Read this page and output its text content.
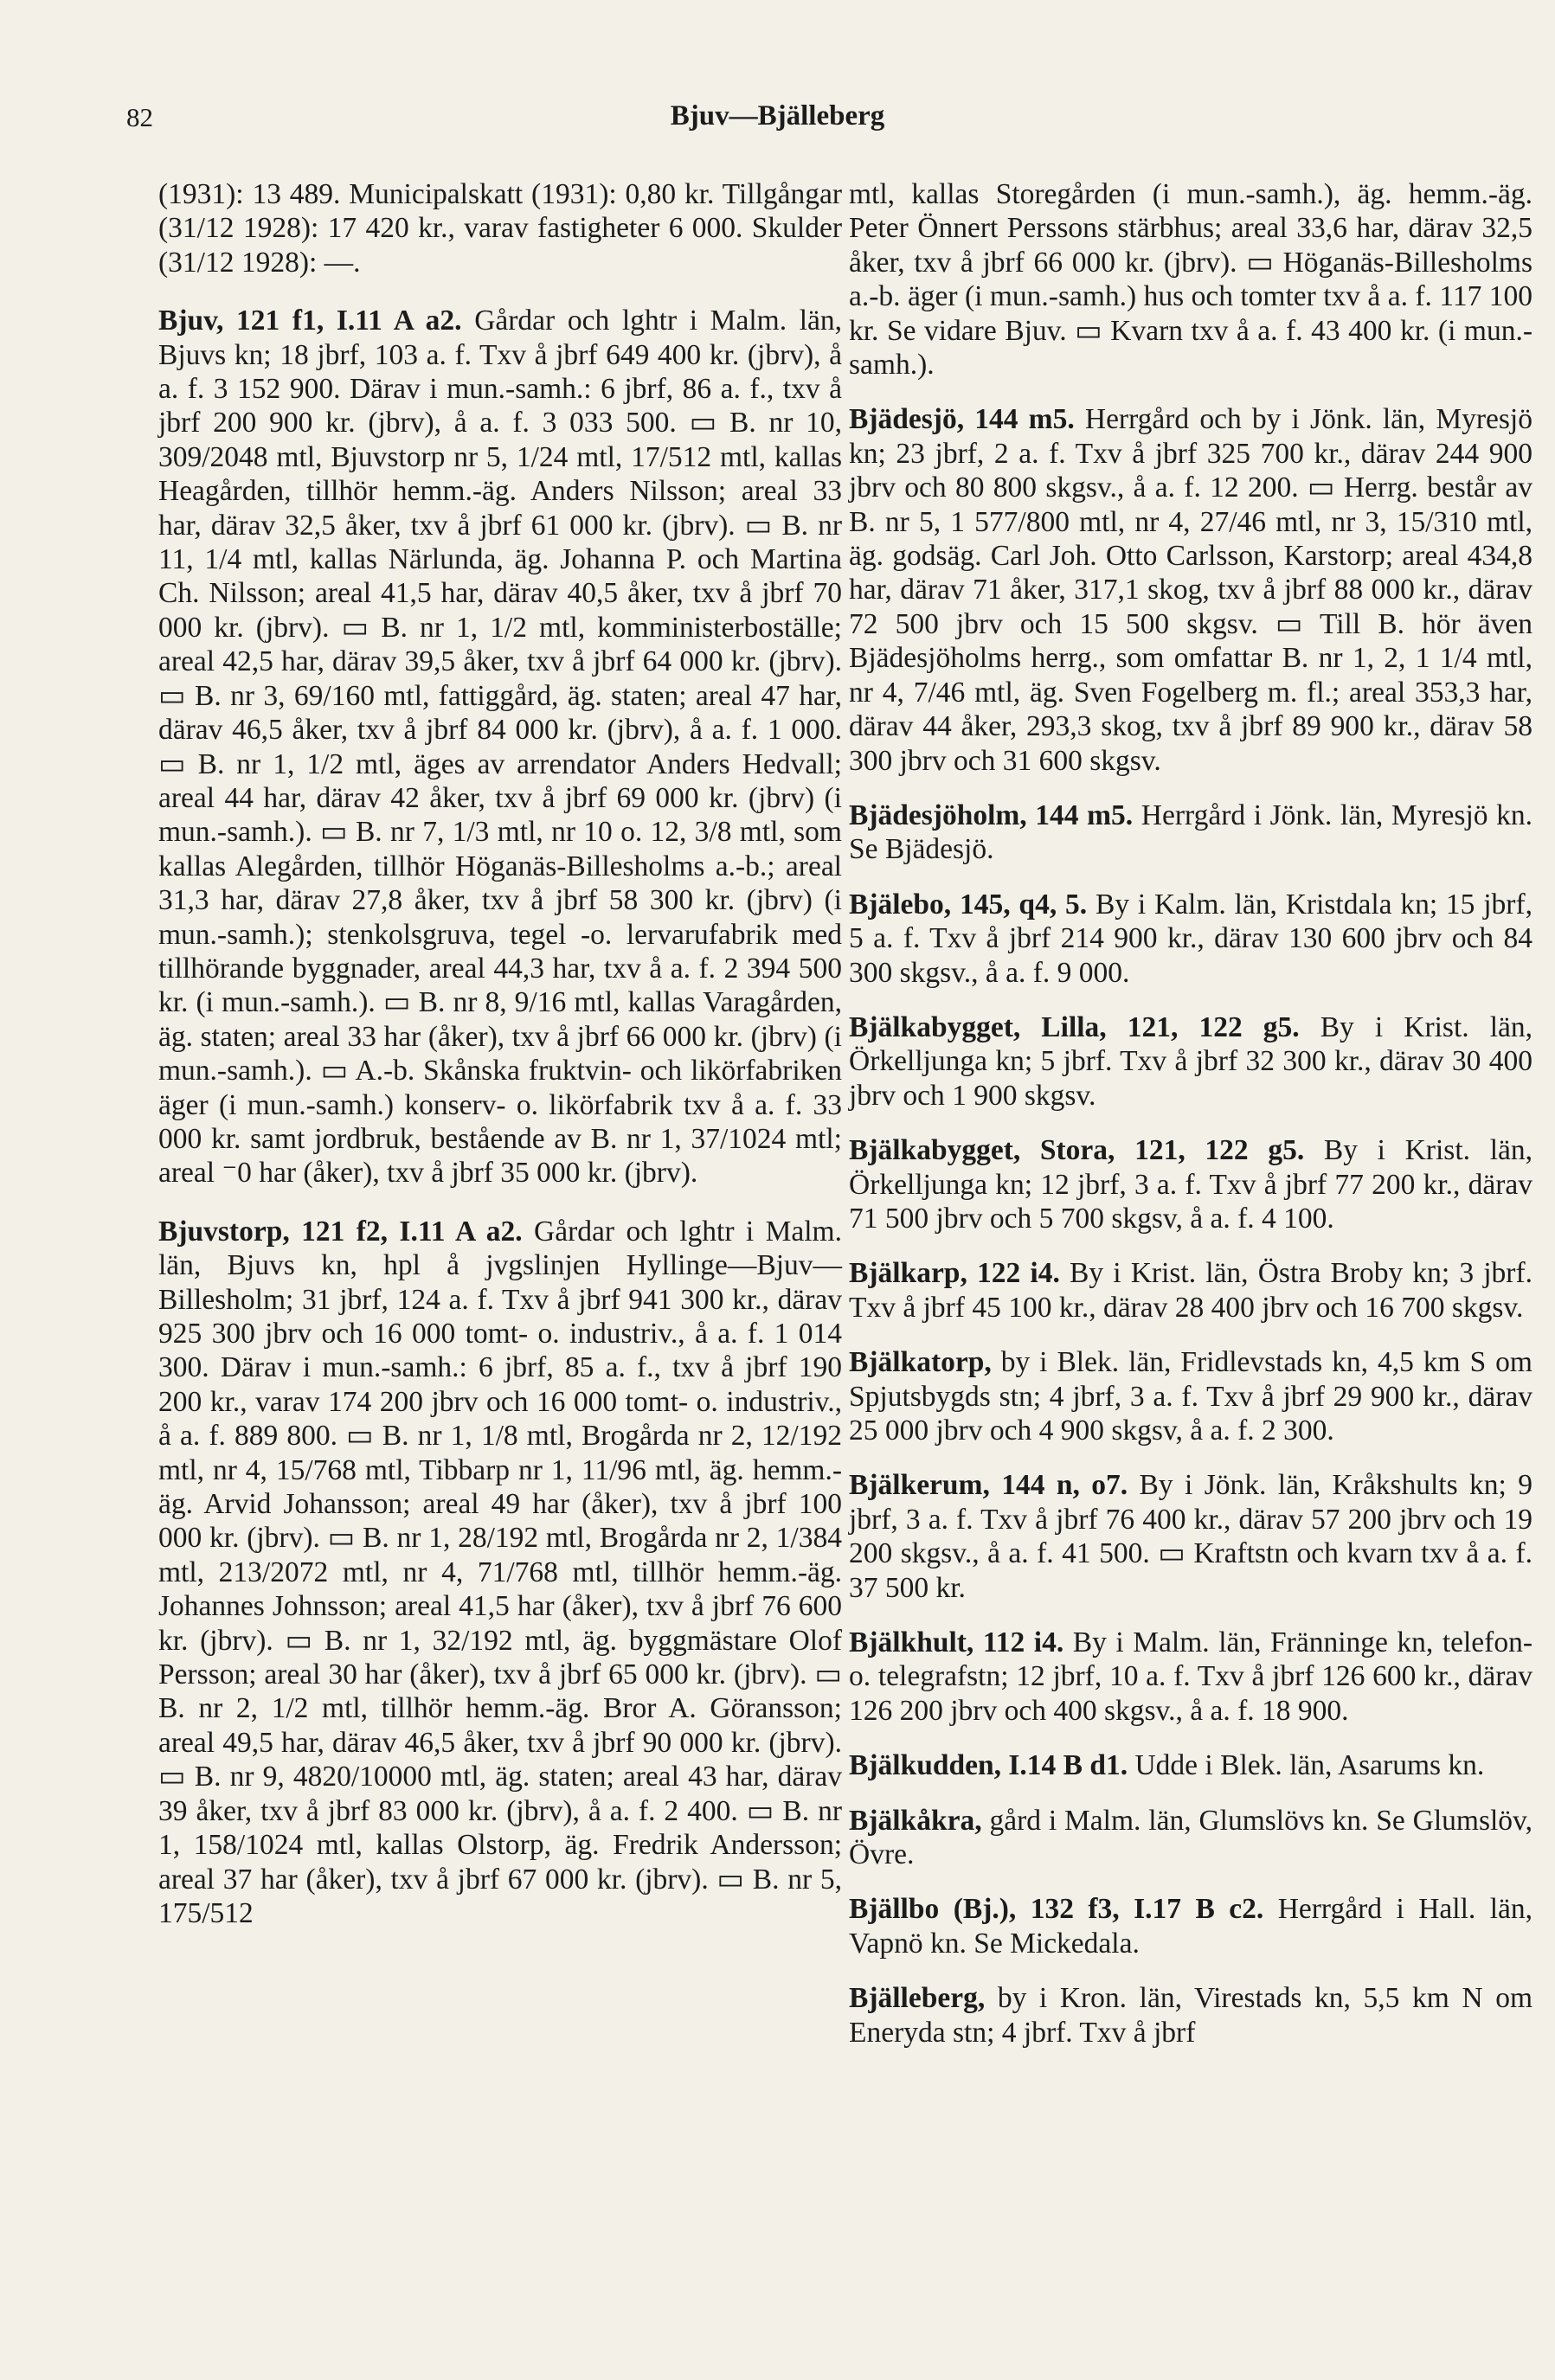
82	Bjuv—Bjälleberg

(1931): 13 489. Municipalskatt (1931): 0,80 kr. Tillgångar (31/12 1928): 17 420 kr., varav fastigheter 6 000. Skulder (31/12 1928): —.

Bjuv, 121 f1, I.11 A a2. Gårdar och lghtr i Malm. län, Bjuvs kn; 18 jbrf, 103 a. f. Txv å jbrf 649 400 kr. (jbrv), å a. f. 3 152 900. Därav i mun.-samh.: 6 jbrf, 86 a. f., txv å jbrf 200 900 kr. (jbrv), å a. f. 3 033 500. ▭ B. nr 10, 309/2048 mtl, Bjuvstorp nr 5, 1/24 mtl, 17/512 mtl, kallas Heagården, tillhör hemm.-äg. Anders Nilsson; areal 33 har, därav 32,5 åker, txv å jbrf 61 000 kr. (jbrv). ▭ B. nr 11, 1/4 mtl, kallas Närlunda, äg. Johanna P. och Martina Ch. Nilsson; areal 41,5 har, därav 40,5 åker, txv å jbrf 70 000 kr. (jbrv). ▭ B. nr 1, 1/2 mtl, komministerboställe; areal 42,5 har, därav 39,5 åker, txv å jbrf 64 000 kr. (jbrv). ▭ B. nr 3, 69/160 mtl, fattiggård, äg. staten; areal 47 har, därav 46,5 åker, txv å jbrf 84 000 kr. (jbrv), å a. f. 1 000. ▭ B. nr 1, 1/2 mtl, äges av arrendator Anders Hedvall; areal 44 har, därav 42 åker, txv å jbrf 69 000 kr. (jbrv) (i mun.-samh.). ▭ B. nr 7, 1/3 mtl, nr 10 o. 12, 3/8 mtl, som kallas Alegården, tillhör Höganäs-Billesholms a.-b.; areal 31,3 har, därav 27,8 åker, txv å jbrf 58 300 kr. (jbrv) (i mun.-samh.); stenkolsgruva, tegel -o. lervarufabrik med tillhörande byggnader, areal 44,3 har, txv å a. f. 2 394 500 kr. (i mun.-samh.). ▭ B. nr 8, 9/16 mtl, kallas Varagården, äg. staten; areal 33 har (åker), txv å jbrf 66 000 kr. (jbrv) (i mun.-samh.). ▭ A.-b. Skånska fruktvin- och likörfabriken äger (i mun.-samh.) konserv- o. likörfabrik txv å a. f. 33 000 kr. samt jordbruk, bestående av B. nr 1, 37/1024 mtl; areal ⁻0 har (åker), txv å jbrf 35 000 kr. (jbrv).

Bjuvstorp, 121 f2, I.11 A a2. Gårdar och lghtr i Malm. län, Bjuvs kn, hpl å jvgslinjen Hyllinge—Bjuv—Billesholm; 31 jbrf, 124 a. f. Txv å jbrf 941 300 kr., därav 925 300 jbrv och 16 000 tomt- o. industriv., å a. f. 1 014 300. Därav i mun.-samh.: 6 jbrf, 85 a. f., txv å jbrf 190 200 kr., varav 174 200 jbrv och 16 000 tomt- o. industriv., å a. f. 889 800. ▭ B. nr 1, 1/8 mtl, Brogårda nr 2, 12/192 mtl, nr 4, 15/768 mtl, Tibbarp nr 1, 11/96 mtl, äg. hemm.-äg. Arvid Johansson; areal 49 har (åker), txv å jbrf 100 000 kr. (jbrv). ▭ B. nr 1, 28/192 mtl, Brogårda nr 2, 1/384 mtl, 213/2072 mtl, nr 4, 71/768 mtl, tillhör hemm.-äg. Johannes Johnsson; areal 41,5 har (åker), txv å jbrf 76 600 kr. (jbrv). ▭ B. nr 1, 32/192 mtl, äg. byggmästare Olof Persson; areal 30 har (åker), txv å jbrf 65 000 kr. (jbrv). ▭ B. nr 2, 1/2 mtl, tillhör hemm.-äg. Bror A. Göransson; areal 49,5 har, därav 46,5 åker, txv å jbrf 90 000 kr. (jbrv). ▭ B. nr 9, 4820/10000 mtl, äg. staten; areal 43 har, därav 39 åker, txv å jbrf 83 000 kr. (jbrv), å a. f. 2 400. ▭ B. nr 1, 158/1024 mtl, kallas Olstorp, äg. Fredrik Andersson; areal 37 har (åker), txv å jbrf 67 000 kr. (jbrv). ▭ B. nr 5, 175/512

mtl, kallas Storegården (i mun.-samh.), äg. hemm.-äg. Peter Önnert Perssons stärbhus; areal 33,6 har, därav 32,5 åker, txv å jbrf 66 000 kr. (jbrv). ▭ Höganäs-Billesholms a.-b. äger (i mun.-samh.) hus och tomter txv å a. f. 117 100 kr. Se vidare Bjuv. ▭ Kvarn txv å a. f. 43 400 kr. (i mun.-samh.).

Bjädesjö, 144 m5. Herrgård och by i Jönk. län, Myresjö kn; 23 jbrf, 2 a. f. Txv å jbrf 325 700 kr., därav 244 900 jbrv och 80 800 skgsv., å a. f. 12 200. ▭ Herrg. består av B. nr 5, 1 577/800 mtl, nr 4, 27/46 mtl, nr 3, 15/310 mtl, äg. godsäg. Carl Joh. Otto Carlsson, Karstorp; areal 434,8 har, därav 71 åker, 317,1 skog, txv å jbrf 88 000 kr., därav 72 500 jbrv och 15 500 skgsv. ▭ Till B. hör även Bjädesjöholms herrg., som omfattar B. nr 1, 2, 1 1/4 mtl, nr 4, 7/46 mtl, äg. Sven Fogelberg m. fl.; areal 353,3 har, därav 44 åker, 293,3 skog, txv å jbrf 89 900 kr., därav 58 300 jbrv och 31 600 skgsv.

Bjädesjöholm, 144 m5. Herrgård i Jönk. län, Myresjö kn. Se Bjädesjö.

Bjälebo, 145, q4, 5. By i Kalm. län, Kristdala kn; 15 jbrf, 5 a. f. Txv å jbrf 214 900 kr., därav 130 600 jbrv och 84 300 skgsv., å a. f. 9 000.

Bjälkabygget, Lilla, 121, 122 g5. By i Krist. län, Örkelljunga kn; 5 jbrf. Txv å jbrf 32 300 kr., därav 30 400 jbrv och 1 900 skgsv.

Bjälkabygget, Stora, 121, 122 g5. By i Krist. län, Örkelljunga kn; 12 jbrf, 3 a. f. Txv å jbrf 77 200 kr., därav 71 500 jbrv och 5 700 skgsv, å a. f. 4 100.

Bjälkarp, 122 i4. By i Krist. län, Östra Broby kn; 3 jbrf. Txv å jbrf 45 100 kr., därav 28 400 jbrv och 16 700 skgsv.

Bjälkatorp, by i Blek. län, Fridlevstads kn, 4,5 km S om Spjutsbygds stn; 4 jbrf, 3 a. f. Txv å jbrf 29 900 kr., därav 25 000 jbrv och 4 900 skgsv, å a. f. 2 300.

Bjälkerum, 144 n, o7. By i Jönk. län, Kråkshults kn; 9 jbrf, 3 a. f. Txv å jbrf 76 400 kr., därav 57 200 jbrv och 19 200 skgsv., å a. f. 41 500. ▭ Kraftstn och kvarn txv å a. f. 37 500 kr.

Bjälkhult, 112 i4. By i Malm. län, Fränninge kn, telefon- o. telegrafstn; 12 jbrf, 10 a. f. Txv å jbrf 126 600 kr., därav 126 200 jbrv och 400 skgsv., å a. f. 18 900.

Bjälkudden, I.14 B d1. Udde i Blek. län, Asarums kn.

Bjälkåkra, gård i Malm. län, Glumslövs kn. Se Glumslöv, Övre.

Bjällbo (Bj.), 132 f3, I.17 B c2. Herrgård i Hall. län, Vapnö kn. Se Mickedala.

Bjälleberg, by i Kron. län, Virestads kn, 5,5 km N om Eneryda stn; 4 jbrf. Txv å jbrf
